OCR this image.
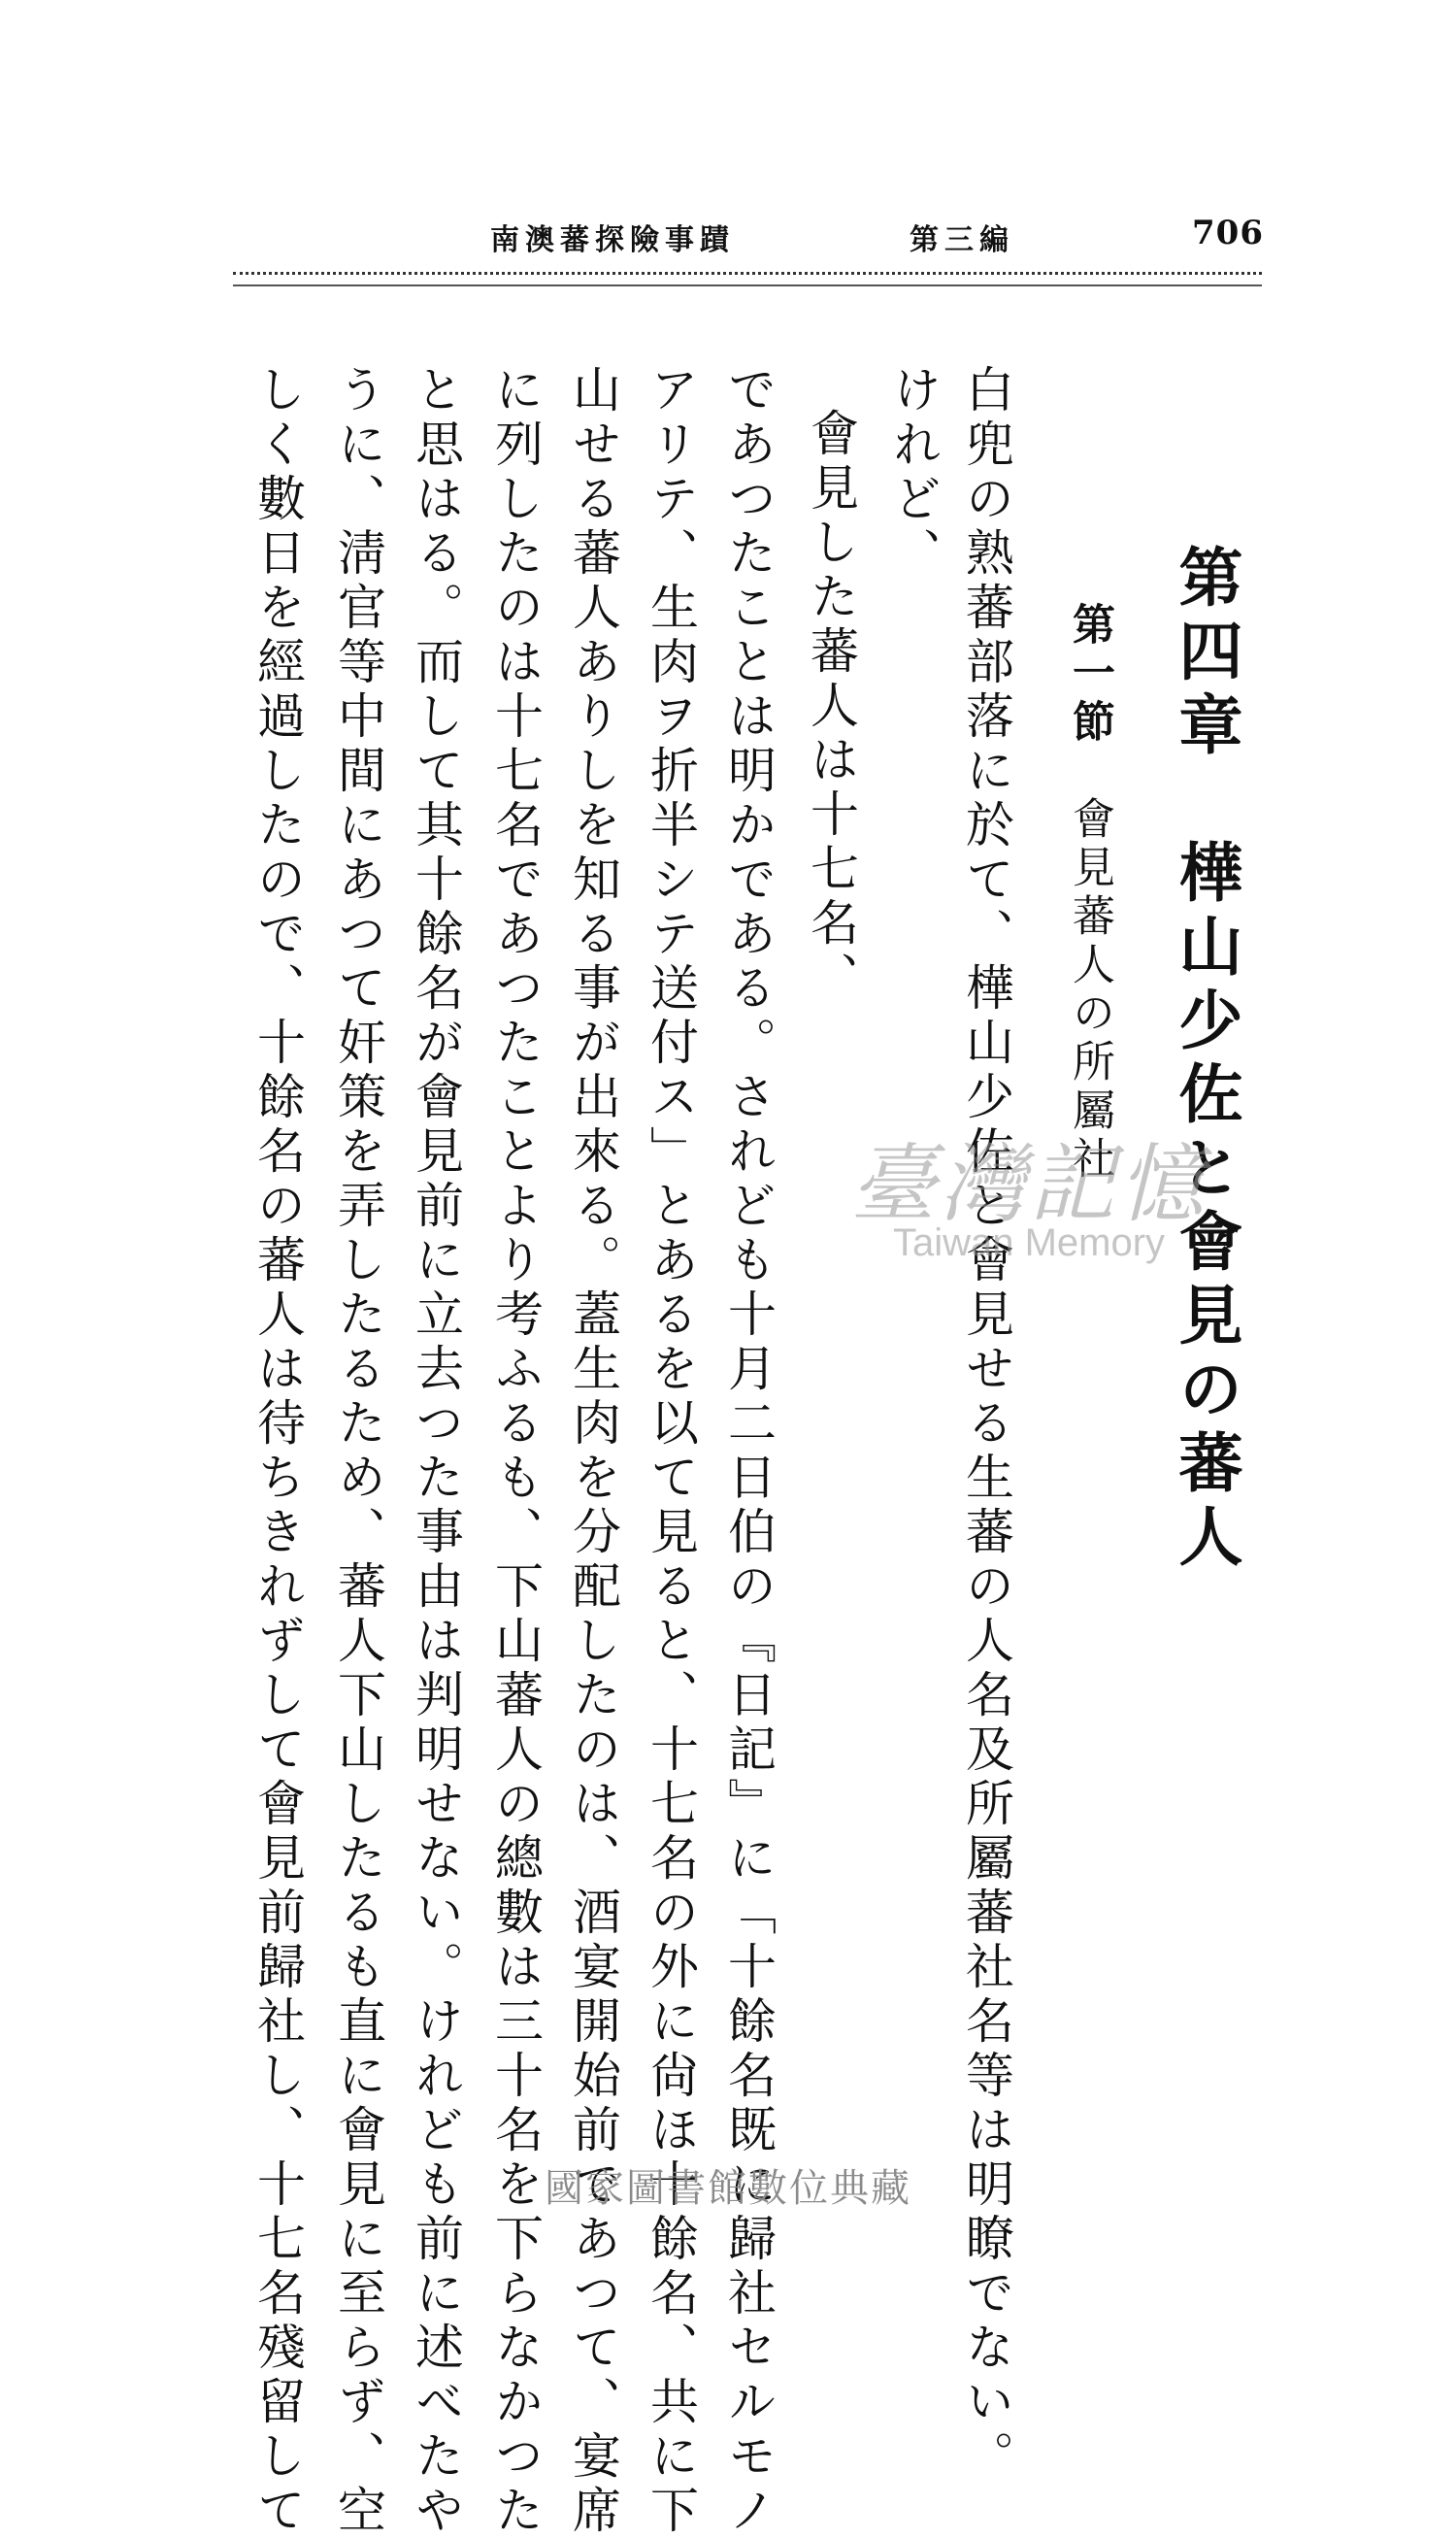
706
第三編
南澳蕃探險事蹟
第四章　樺山少佐と會見の蕃人
第一節　會見蕃人の所屬社
白兜の熟蕃部落に於て、樺山少佐と會見せる生蕃の人名及所屬蕃社名等は明瞭でない。
けれど、
會見した蕃人は十七名、
であつたことは明かである。されども十月二日伯の『日記』に「十餘名既に歸社セルモノ
アリテ、生肉ヲ折半シテ送付ス」とあるを以て見ると、十七名の外に尙ほ十餘名、共に下
山せる蕃人ありしを知る事が出來る。蓋生肉を分配したのは、酒宴開始前であつて、宴席
に列したのは十七名であつたことより考ふるも、下山蕃人の總數は三十名を下らなかつた
と思はる。而して其十餘名が會見前に立去つた事由は判明せない。けれども前に述べたや
うに、淸官等中間にあつて奸策を弄したるため、蕃人下山したるも直に會見に至らず、空
しく數日を經過したので、十餘名の蕃人は待ちきれずして會見前歸社し、十七名殘留して	臺灣記憶
Taiwan Memory
國家圖書館數位典藏
